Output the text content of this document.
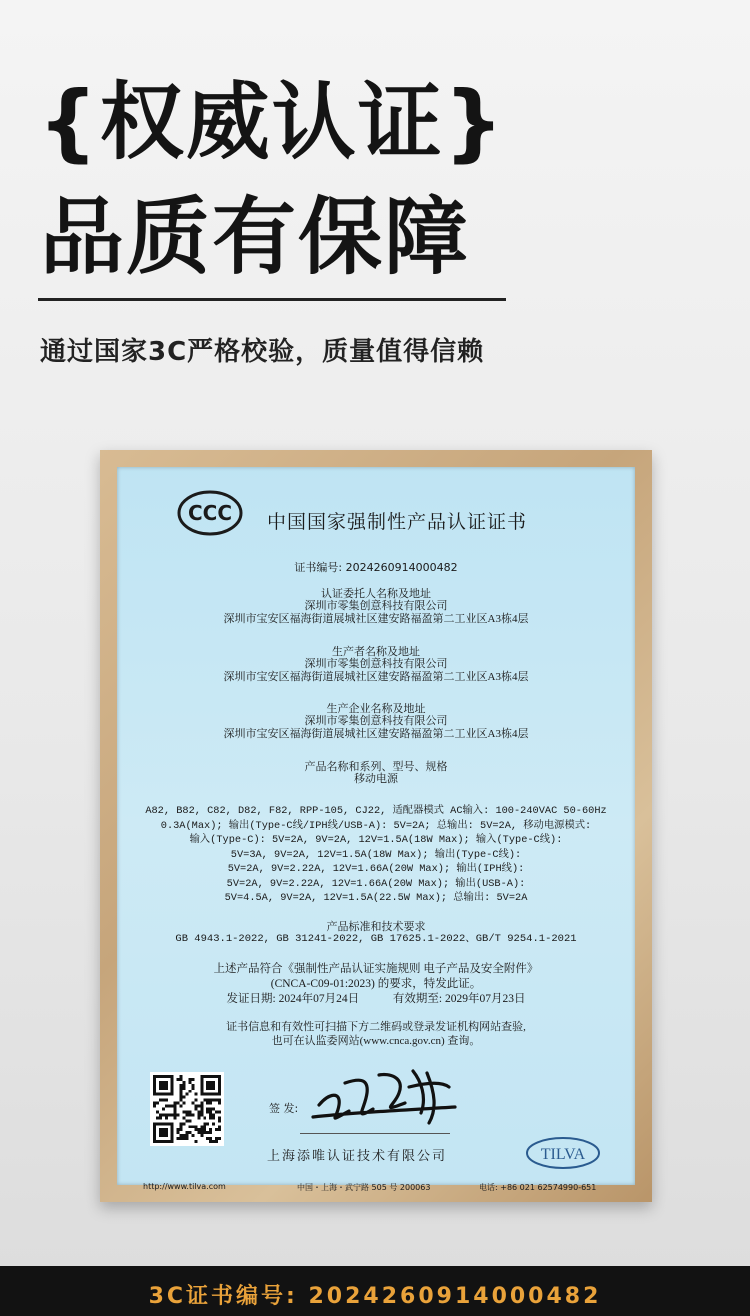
{权威认证}
品质有保障

通过国家3C严格校验，质量值得信赖

CCC 中国国家强制性产品认证证书
证书编号: 2024260914000482
认证委托人名称及地址
深圳市零集创意科技有限公司
深圳市宝安区福海街道展城社区建安路福盈第二工业区A3栋4层
生产者名称及地址
深圳市零集创意科技有限公司
深圳市宝安区福海街道展城社区建安路福盈第二工业区A3栋4层
生产企业名称及地址
深圳市零集创意科技有限公司
深圳市宝安区福海街道展城社区建安路福盈第二工业区A3栋4层
产品名称和系列、型号、规格
移动电源
A82, B82, C82, D82, F82, RPP-105, CJ22, 适配器模式 AC输入: 100-240VAC 50-60Hz
0.3A(Max); 输出(Type-C线/IPH线/USB-A): 5V=2A; 总输出: 5V=2A, 移动电源模式:
输入(Type-C): 5V=2A, 9V=2A, 12V=1.5A(18W Max); 输入(Type-C线):
5V=3A, 9V=2A, 12V=1.5A(18W Max); 输出(Type-C线):
5V=2A, 9V=2.22A, 12V=1.66A(20W Max); 输出(IPH线):
5V=2A, 9V=2.22A, 12V=1.66A(20W Max); 输出(USB-A):
5V=4.5A, 9V=2A, 12V=1.5A(22.5W Max); 总输出: 5V=2A
产品标准和技术要求
GB 4943.1-2022, GB 31241-2022, GB 17625.1-2022、GB/T 9254.1-2021
上述产品符合《强制性产品认证实施规则 电子产品及安全附件》
(CNCA-C09-01:2023) 的要求，特发此证。
发证日期: 2024年07月24日	有效期至: 2029年07月23日
证书信息和有效性可扫描下方二维码或登录发证机构网站查验,
也可在认监委网站(www.cnca.gov.cn) 查询。
签 发:
上海添唯认证技术有限公司	TILVA
http://www.tilva.com	中国・上海・武宁路 505 号 200063	电话: +86 021 62574990-651
3C证书编号: 2024260914000482
